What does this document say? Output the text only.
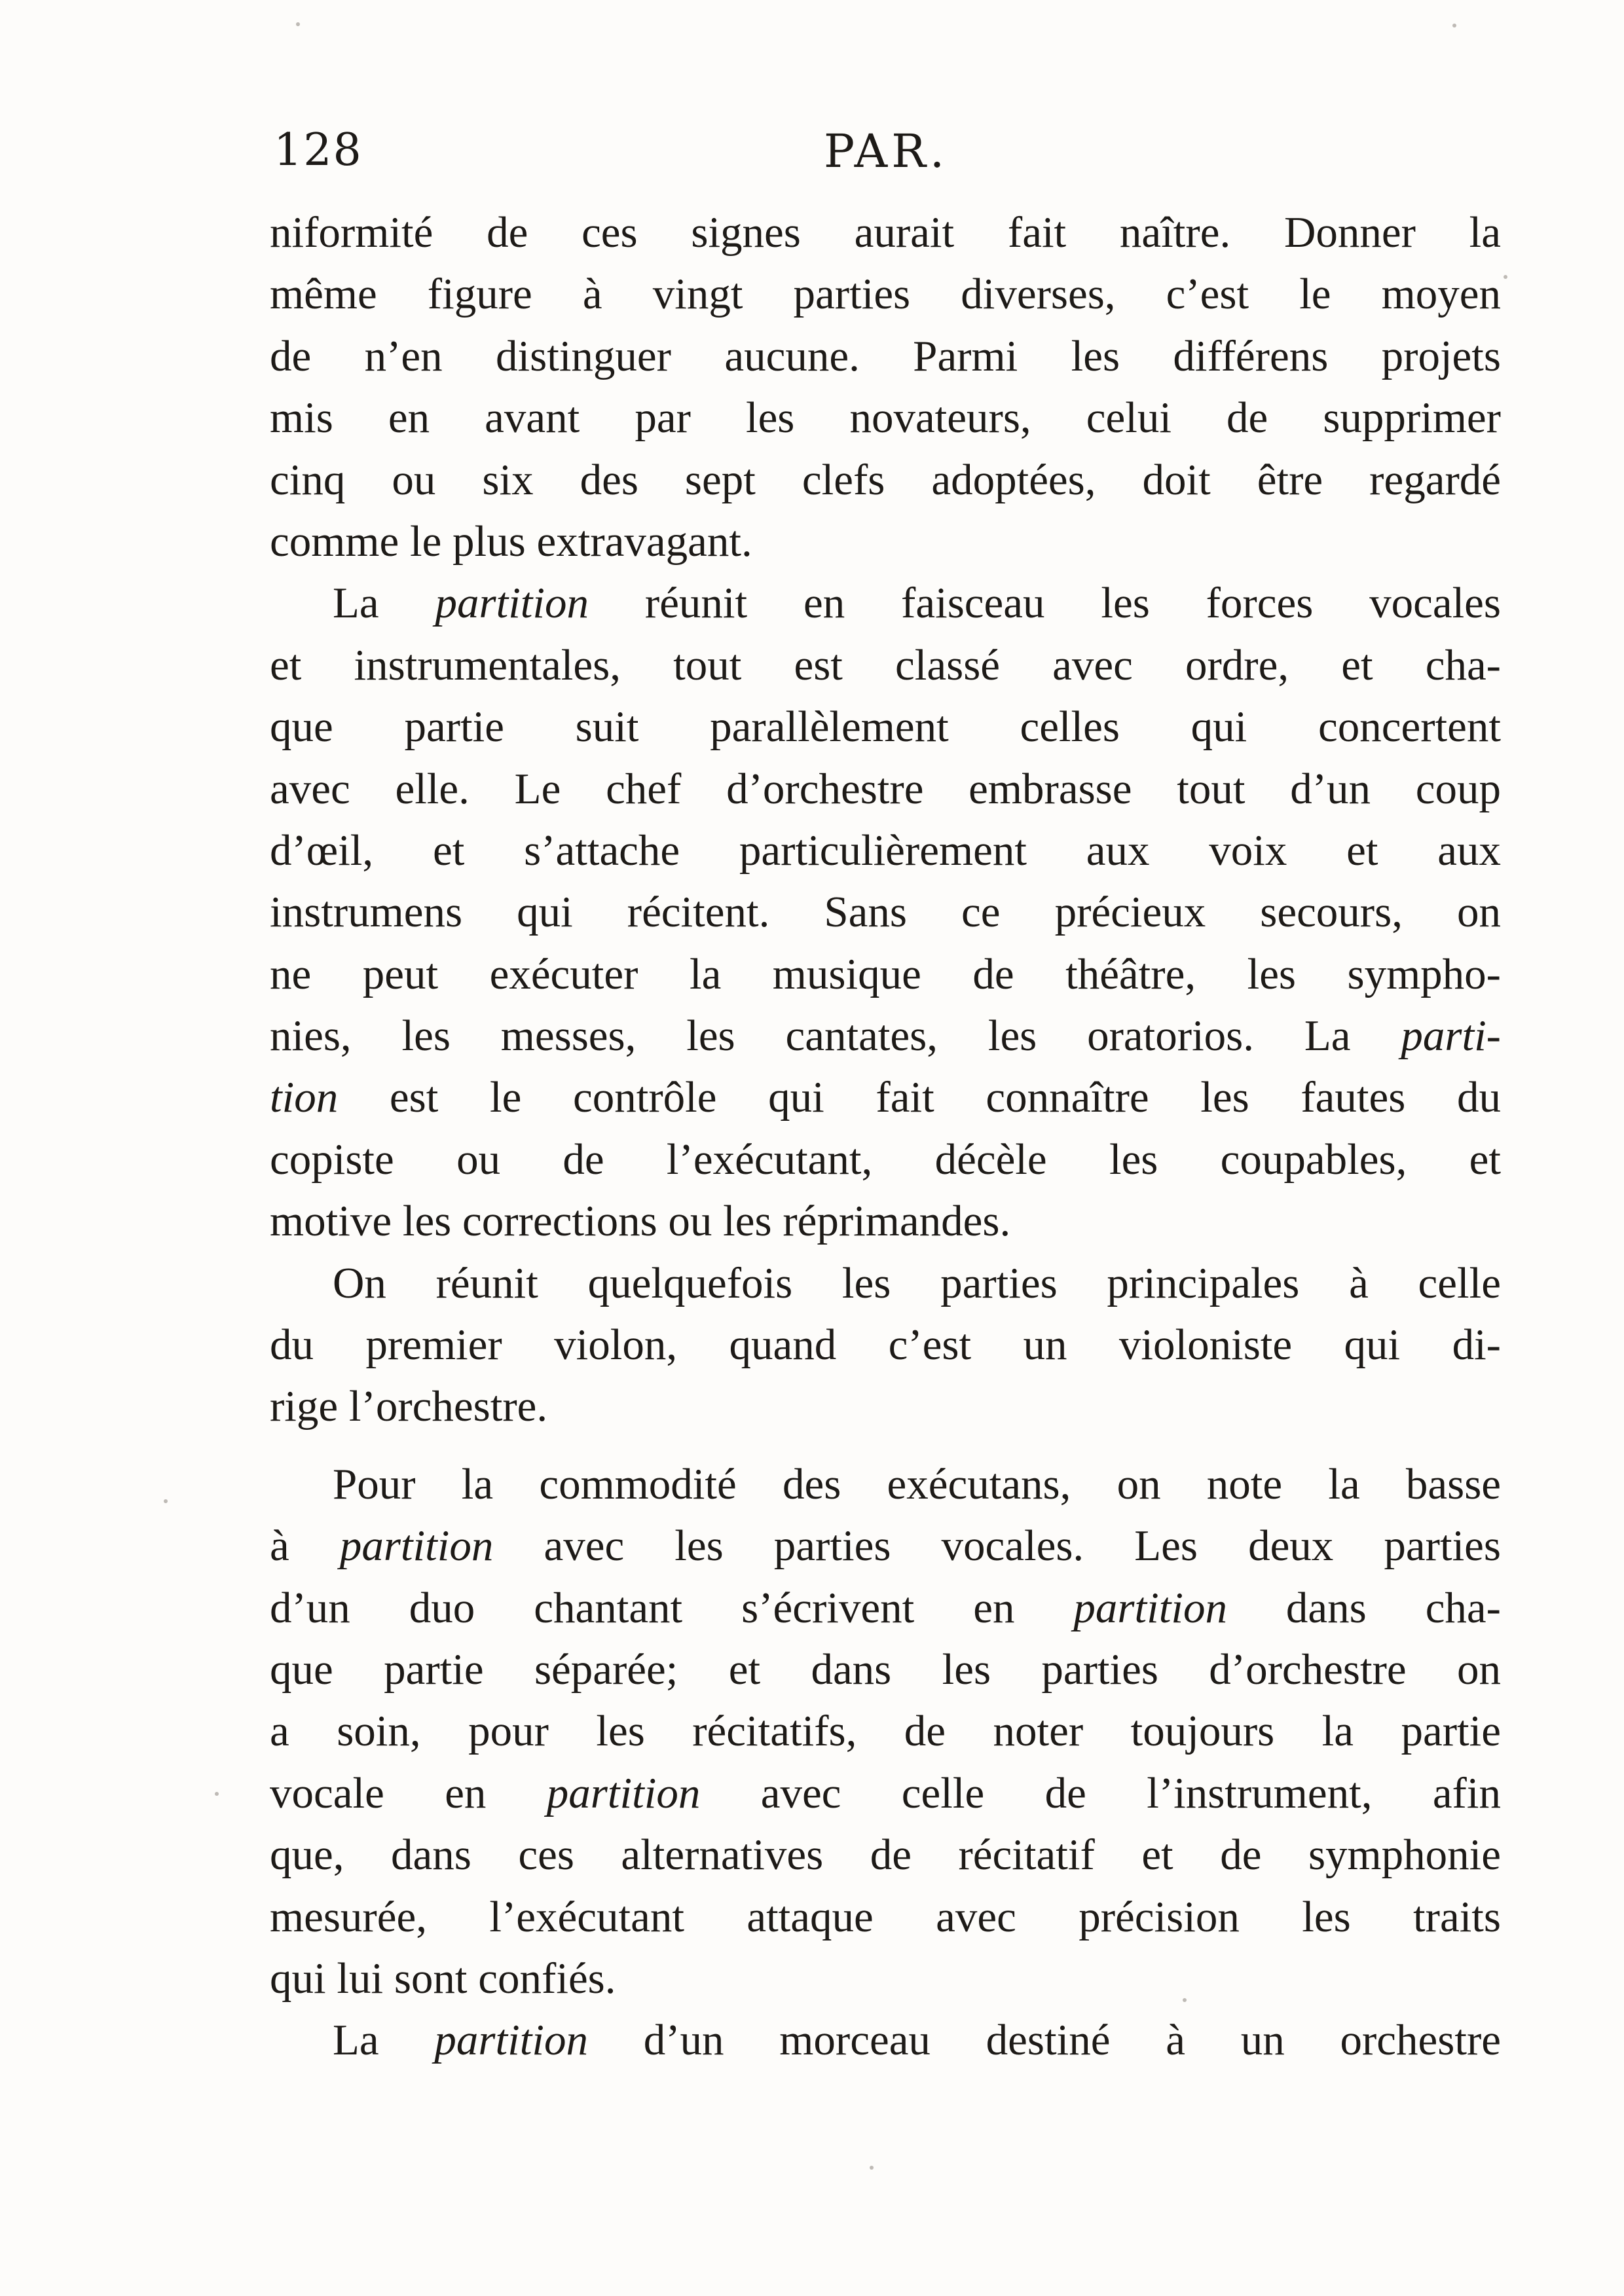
128	PAR.
niformité de ces signes aurait fait naître. Donner la
même figure à vingt parties diverses, c’est le moyen
de n’en distinguer aucune. Parmi les différens projets
mis en avant par les novateurs, celui de supprimer
cinq ou six des sept clefs adoptées, doit être regardé
comme le plus extravagant.
La partition réunit en faisceau les forces vocales
et instrumentales, tout est classé avec ordre, et cha-
que partie suit parallèlement celles qui concertent
avec elle. Le chef d’orchestre embrasse tout d’un coup
d’œil, et s’attache particulièrement aux voix et aux
instrumens qui récitent. Sans ce précieux secours, on
ne peut exécuter la musique de théâtre, les sympho-
nies, les messes, les cantates, les oratorios. La parti-
tion est le contrôle qui fait connaître les fautes du
copiste ou de l’exécutant, décèle les coupables, et
motive les corrections ou les réprimandes.
On réunit quelquefois les parties principales à celle
du premier violon, quand c’est un violoniste qui di-
rige l’orchestre.
Pour la commodité des exécutans, on note la basse
à partition avec les parties vocales. Les deux parties
d’un duo chantant s’écrivent en partition dans cha-
que partie séparée; et dans les parties d’orchestre on
a soin, pour les récitatifs, de noter toujours la partie
vocale en partition avec celle de l’instrument, afin
que, dans ces alternatives de récitatif et de symphonie
mesurée, l’exécutant attaque avec précision les traits
qui lui sont confiés.
La partition d’un morceau destiné à un orchestre
